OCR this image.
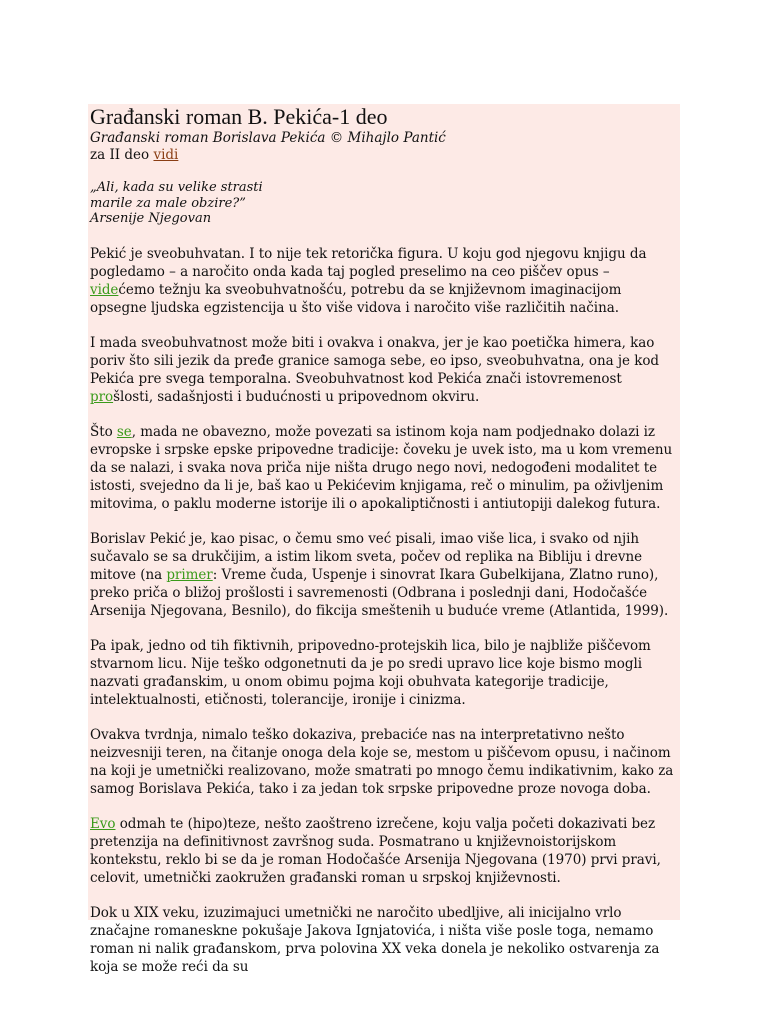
Građanski roman B. Pekića-1 deo

Građanski roman Borislava Pekića © Mihajlo Pantić

za II deo vidi

„Ali, kada su velike strasti
marile za male obzire?”
Arsenije Njegovan

Pekić je sveobuhvatan. I to nije tek retorička figura. U koju god njegovu knjigu da pogledamo – a naročito onda kada taj pogled preselimo na ceo piščev opus – videćemo težnju ka sveobuhvatnošću, potrebu da se književnom imaginacijom opsegne ljudska egzistencija u što više vidova i naročito više različitih načina.

I mada sveobuhvatnost može biti i ovakva i onakva, jer je kao poetička himera, kao poriv što sili jezik da pređe granice samoga sebe, eo ipso, sveobuhvatna, ona je kod Pekića pre svega temporalna. Sveobuhvatnost kod Pekića znači istovremenost prošlosti, sadašnjosti i budućnosti u pripovednom okviru.

Što se, mada ne obavezno, može povezati sa istinom koja nam podjednako dolazi iz evropske i srpske epske pripovedne tradicije: čoveku je uvek isto, ma u kom vremenu da se nalazi, i svaka nova priča nije ništa drugo nego novi, nedogođeni modalitet te istosti, svejedno da li je, baš kao u Pekićevim knjigama, reč o minulim, pa oživljenim mitovima, o paklu moderne istorije ili o apokaliptičnosti i antiutopiji dalekog futura.

Borislav Pekić je, kao pisac, o čemu smo već pisali, imao više lica, i svako od njih sučavalo se sa drukčijim, a istim likom sveta, počev od replika na Bibliju i drevne mitove (na primer: Vreme čuda, Uspenje i sinovrat Ikara Gubelkijana, Zlatno runo), preko priča o bližoj prošlosti i savremenosti (Odbrana i poslednji dani, Hodočašće Arsenija Njegovana, Besnilo), do fikcija smeštenih u buduće vreme (Atlantida, 1999).

Pa ipak, jedno od tih fiktivnih, pripovedno-protejskih lica, bilo je najbliže piščevom stvarnom licu. Nije teško odgonetnuti da je po sredi upravo lice koje bismo mogli nazvati građanskim, u onom obimu pojma koji obuhvata kategorije tradicije, intelektualnosti, etičnosti, tolerancije, ironije i cinizma.

Ovakva tvrdnja, nimalo teško dokaziva, prebaciće nas na interpretativno nešto neizvesniji teren, na čitanje onoga dela koje se, mestom u piščevom opusu, i načinom na koji je umetnički realizovano, može smatrati po mnogo čemu indikativnim, kako za samog Borislava Pekića, tako i za jedan tok srpske pripovedne proze novoga doba.

Evo odmah te (hipo)teze, nešto zaoštreno izrečene, koju valja početi dokazivati bez pretenzija na definitivnost završnog suda. Posmatrano u književnoistorijskom kontekstu, reklo bi se da je roman Hodočašće Arsenija Njegovana (1970) prvi pravi, celovit, umetnički zaokružen građanski roman u srpskoj književnosti.

Dok u XIX veku, izuzimajuci umetnički ne naročito ubedljive, ali inicijalno vrlo značajne romaneskne pokušaje Jakova Ignjatovića, i ništa više posle toga, nemamo roman ni nalik građanskom, prva polovina XX veka donela je nekoliko ostvarenja za koja se može reći da su
